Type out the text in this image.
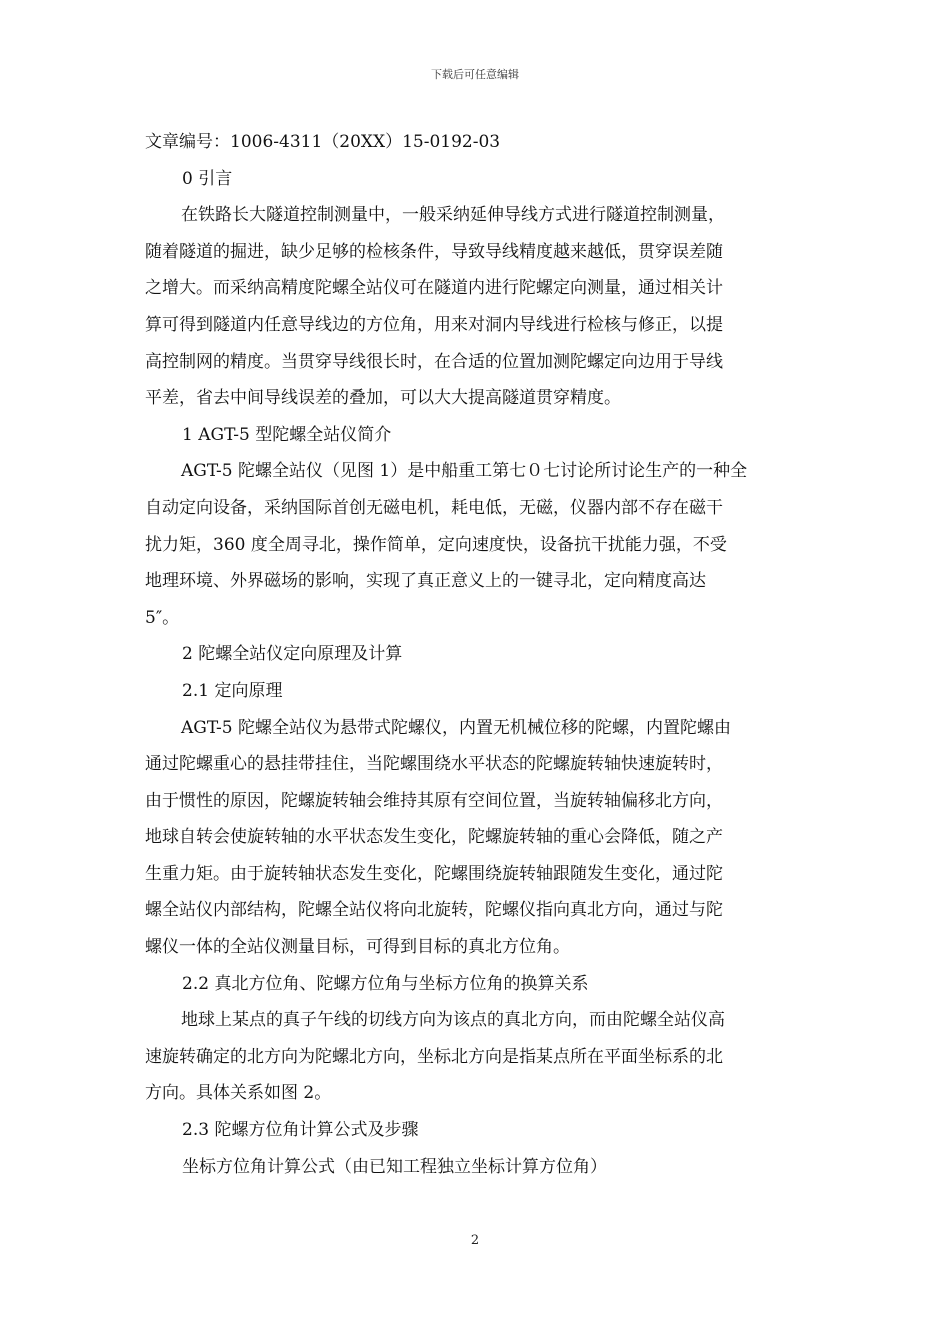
下载后可任意编辑
文章编号：1006-4311（20XX）15-0192-03
0 引言
在铁路长大隧道控制测量中，一般采纳延伸导线方式进行隧道控制测量，
随着隧道的掘进，缺少足够的检核条件，导致导线精度越来越低，贯穿误差随
之增大。而采纳高精度陀螺全站仪可在隧道内进行陀螺定向测量，通过相关计
算可得到隧道内任意导线边的方位角，用来对洞内导线进行检核与修正，以提
高控制网的精度。当贯穿导线很长时，在合适的位置加测陀螺定向边用于导线
平差，省去中间导线误差的叠加，可以大大提高隧道贯穿精度。
1 AGT-5 型陀螺全站仪简介
AGT-5 陀螺全站仪（见图 1）是中船重工第七０七讨论所讨论生产的一种全
自动定向设备，采纳国际首创无磁电机，耗电低，无磁，仪器内部不存在磁干
扰力矩，360 度全周寻北，操作简单，定向速度快，设备抗干扰能力强，不受
地理环境、外界磁场的影响，实现了真正意义上的一键寻北，定向精度高达
5″。
2 陀螺全站仪定向原理及计算
2.1 定向原理
AGT-5 陀螺全站仪为悬带式陀螺仪，内置无机械位移的陀螺，内置陀螺由
通过陀螺重心的悬挂带挂住，当陀螺围绕水平状态的陀螺旋转轴快速旋转时，
由于惯性的原因，陀螺旋转轴会维持其原有空间位置，当旋转轴偏移北方向，
地球自转会使旋转轴的水平状态发生变化，陀螺旋转轴的重心会降低，随之产
生重力矩。由于旋转轴状态发生变化，陀螺围绕旋转轴跟随发生变化，通过陀
螺全站仪内部结构，陀螺全站仪将向北旋转，陀螺仪指向真北方向，通过与陀
螺仪一体的全站仪测量目标，可得到目标的真北方位角。
2.2 真北方位角、陀螺方位角与坐标方位角的换算关系
地球上某点的真子午线的切线方向为该点的真北方向，而由陀螺全站仪高
速旋转确定的北方向为陀螺北方向，坐标北方向是指某点所在平面坐标系的北
方向。具体关系如图 2。
2.3 陀螺方位角计算公式及步骤
坐标方位角计算公式（由已知工程独立坐标计算方位角）
2
